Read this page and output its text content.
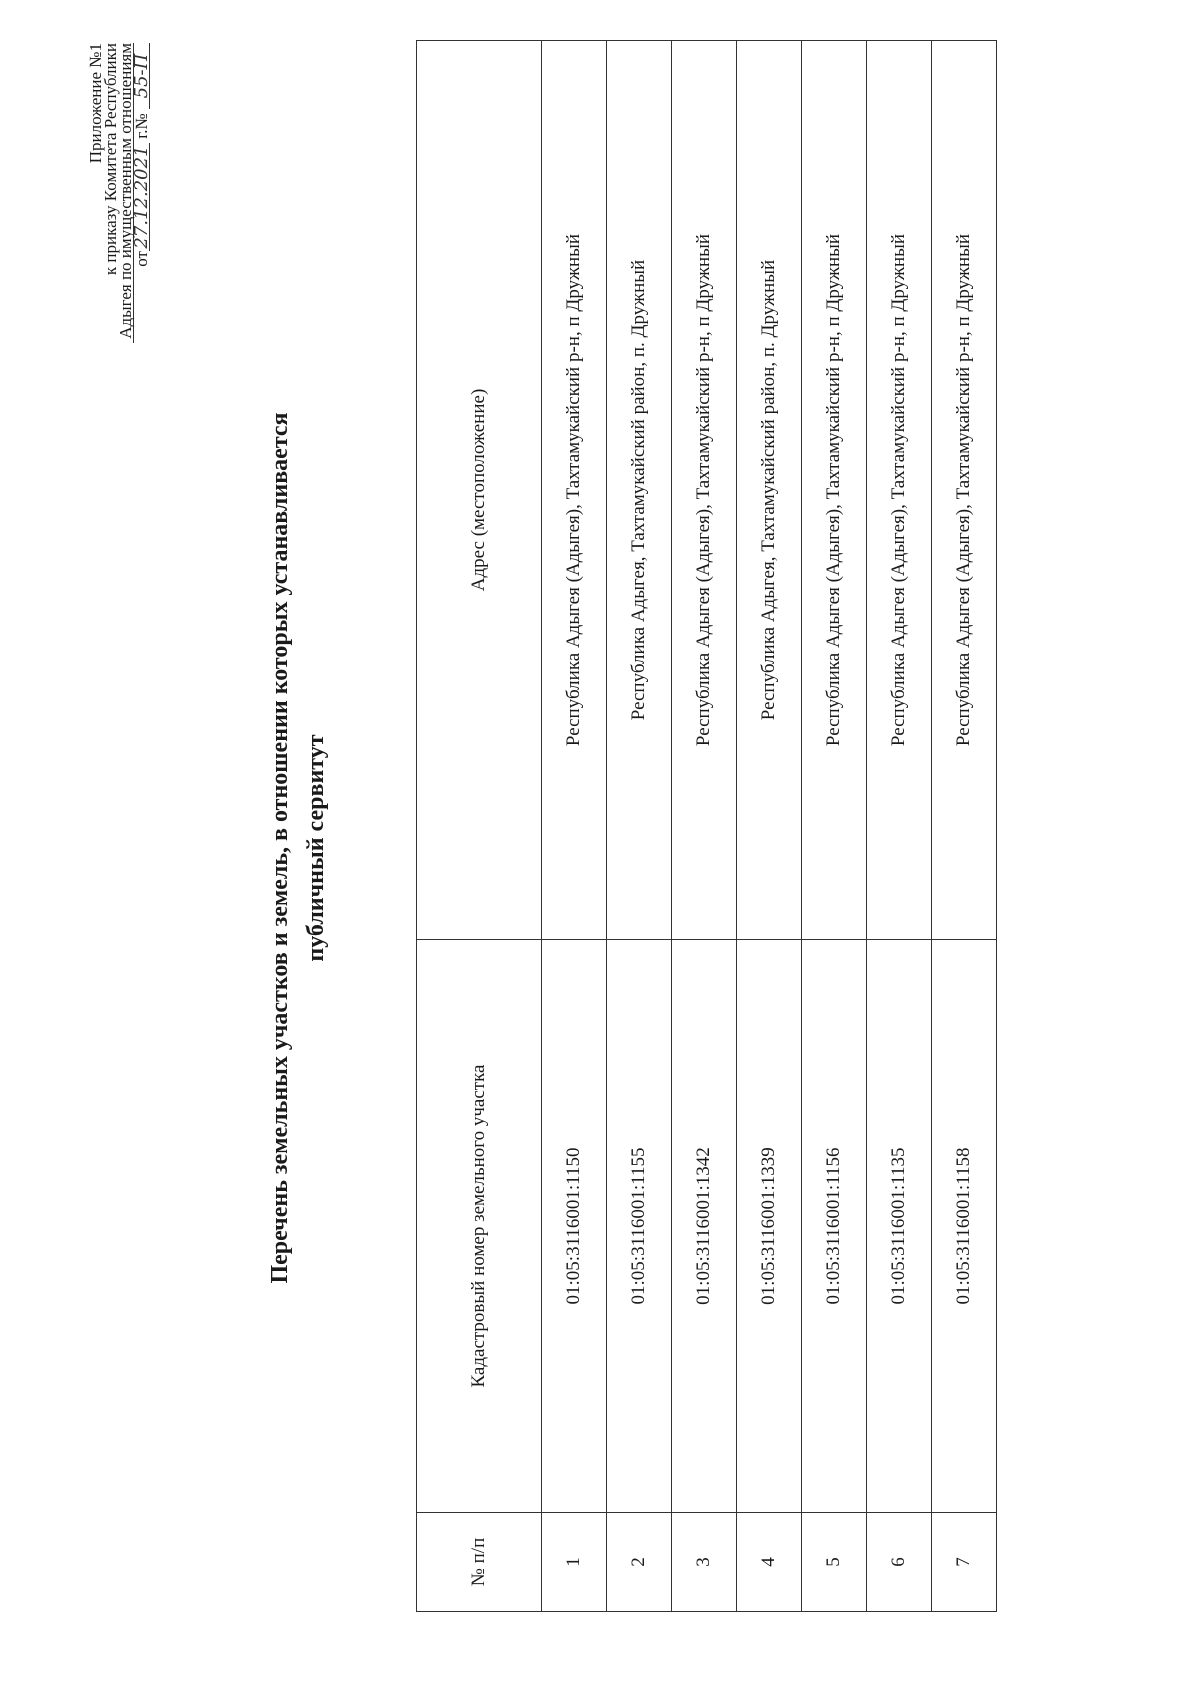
Приложение №1
к приказу Комитета Республики
Адыгея по имущественным отношениям
от27.12.2021 г.№ 55-П
Перечень земельных участков и земель, в отношении которых устанавливается публичный сервитут
№ п/п	Кадастровый номер земельного участка	Адрес (местоположение)
1	01:05:3116001:1150	Республика Адыгея (Адыгея), Тахтамукайский р-н, п Дружный
2	01:05:3116001:1155	Республика Адыгея, Тахтамукайский район, п. Дружный
3	01:05:3116001:1342	Республика Адыгея (Адыгея), Тахтамукайский р-н, п Дружный
4	01:05:3116001:1339	Республика Адыгея, Тахтамукайский район, п. Дружный
5	01:05:3116001:1156	Республика Адыгея (Адыгея), Тахтамукайский р-н, п Дружный
6	01:05:3116001:1135	Республика Адыгея (Адыгея), Тахтамукайский р-н, п Дружный
7	01:05:3116001:1158	Республика Адыгея (Адыгея), Тахтамукайский р-н, п Дружный
